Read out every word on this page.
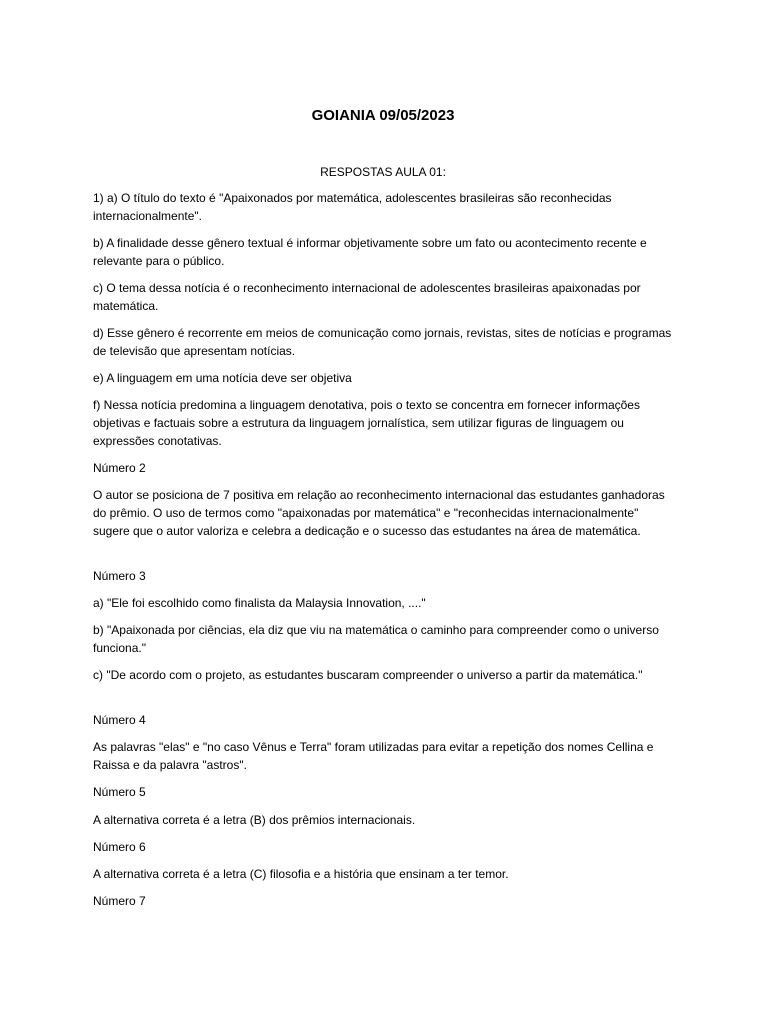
GOIANIA 09/05/2023

RESPOSTAS AULA 01:

1) a) O título do texto é "Apaixonados por matemática, adolescentes brasileiras são reconhecidas internacionalmente".

b) A finalidade desse gênero textual é informar objetivamente sobre um fato ou acontecimento recente e relevante para o público.

c) O tema dessa notícia é o reconhecimento internacional de adolescentes brasileiras apaixonadas por matemática.

d) Esse gênero é recorrente em meios de comunicação como jornais, revistas, sites de notícias e programas de televisão que apresentam notícias.

e) A linguagem em uma notícia deve ser objetiva

f) Nessa notícia predomina a linguagem denotativa, pois o texto se concentra em fornecer informações objetivas e factuais sobre a estrutura da linguagem jornalística, sem utilizar figuras de linguagem ou expressões conotativas.

Número 2

O autor se posiciona de 7 positiva em relação ao reconhecimento internacional das estudantes ganhadoras do prêmio. O uso de termos como "apaixonadas por matemática" e "reconhecidas internacionalmente" sugere que o autor valoriza e celebra a dedicação e o sucesso das estudantes na área de matemática.

Número 3

a) "Ele foi escolhido como finalista da Malaysia Innovation, ...."

b) "Apaixonada por ciências, ela diz que viu na matemática o caminho para compreender como o universo funciona."

c) "De acordo com o projeto, as estudantes buscaram compreender o universo a partir da matemática."

Número 4

As palavras "elas" e "no caso Vênus e Terra" foram utilizadas para evitar a repetição dos nomes Cellina e Raissa e da palavra "astros".

Número 5

A alternativa correta é a letra (B) dos prêmios internacionais.

Número 6

A alternativa correta é a letra (C) filosofia e a história que ensinam a ter temor.

Número 7
